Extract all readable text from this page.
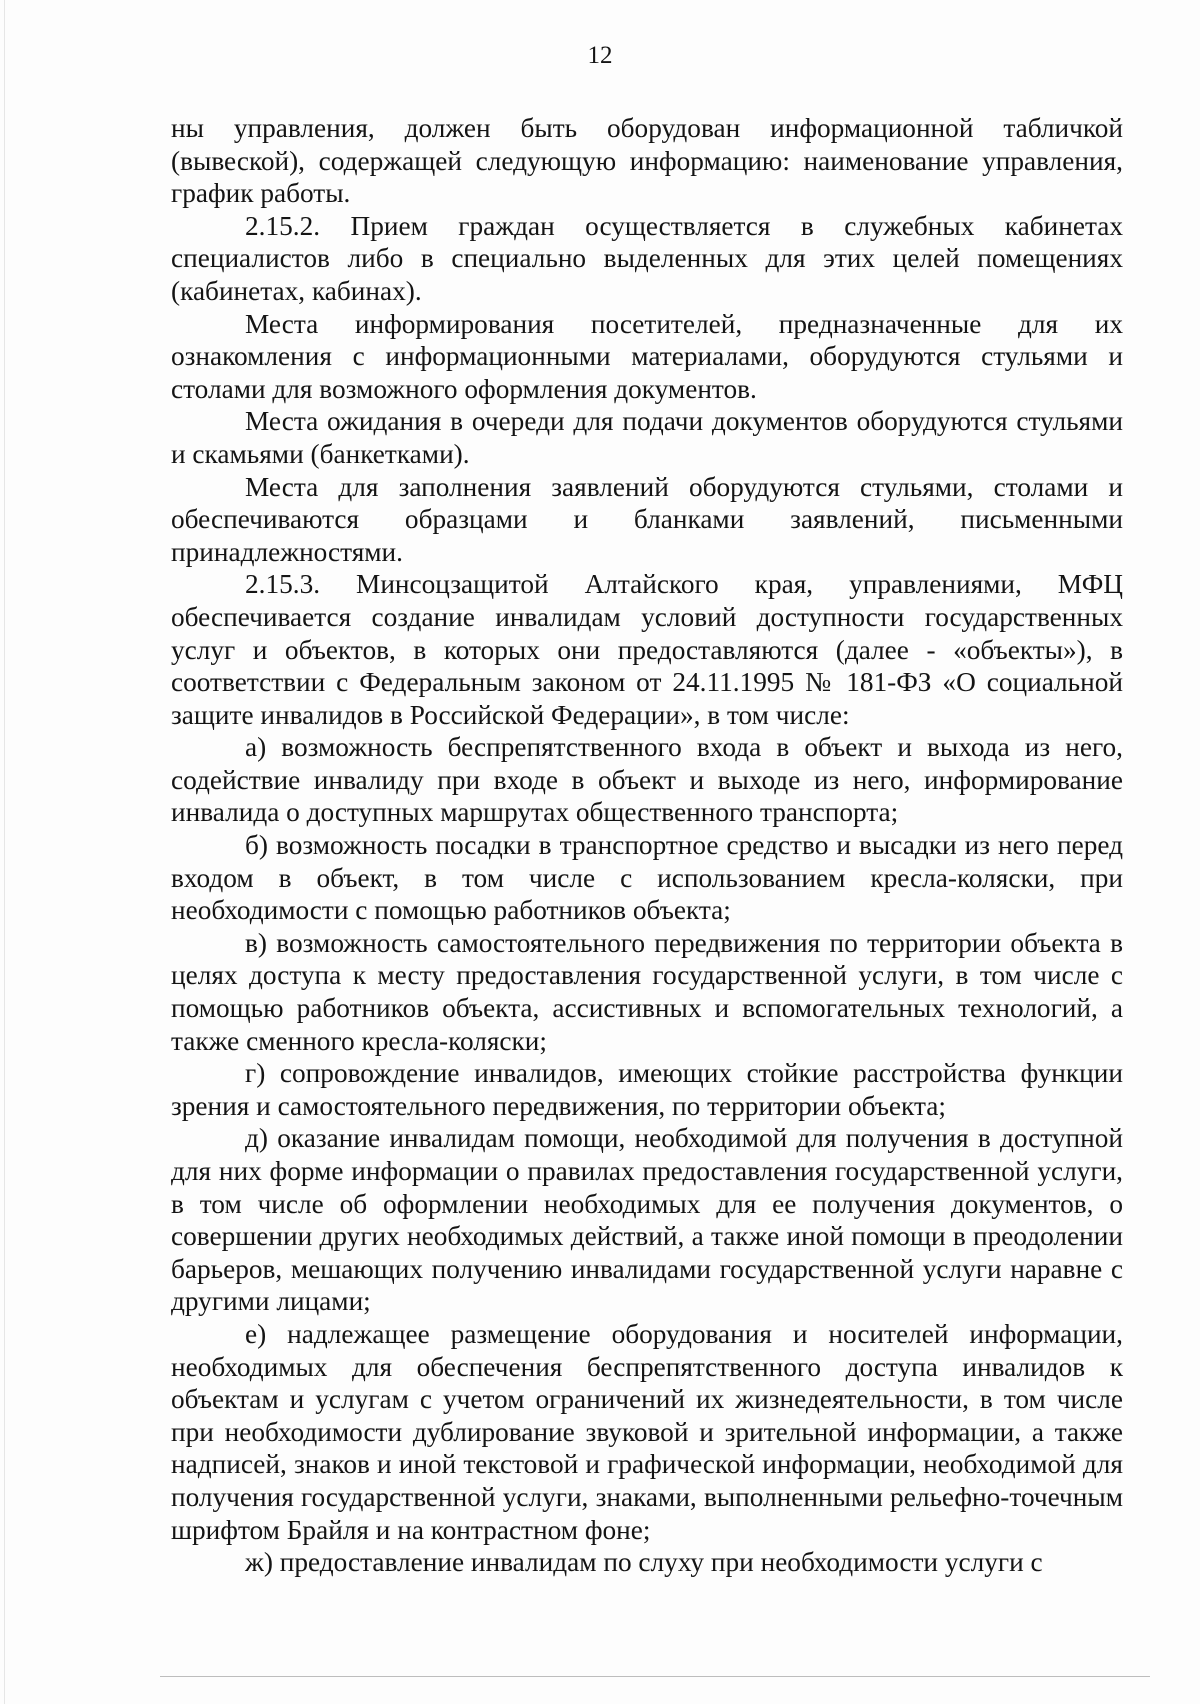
12

ны управления, должен быть оборудован информационной табличкой (вывеской), содержащей следующую информацию: наименование управления, график работы.

2.15.2. Прием граждан осуществляется в служебных кабинетах специалистов либо в специально выделенных для этих целей помещениях (кабинетах, кабинах).

Места информирования посетителей, предназначенные для их ознакомления с информационными материалами, оборудуются стульями и столами для возможного оформления документов.

Места ожидания в очереди для подачи документов оборудуются стульями и скамьями (банкетками).

Места для заполнения заявлений оборудуются стульями, столами и обеспечиваются образцами и бланками заявлений, письменными принадлежностями.

2.15.3. Минсоцзащитой Алтайского края, управлениями, МФЦ обеспечивается создание инвалидам условий доступности государственных услуг и объектов, в которых они предоставляются (далее - «объекты»), в соответствии с Федеральным законом от 24.11.1995 № 181-ФЗ «О социальной защите инвалидов в Российской Федерации», в том числе:

а) возможность беспрепятственного входа в объект и выхода из него, содействие инвалиду при входе в объект и выходе из него, информирование инвалида о доступных маршрутах общественного транспорта;

б) возможность посадки в транспортное средство и высадки из него перед входом в объект, в том числе с использованием кресла-коляски, при необходимости с помощью работников объекта;

в) возможность самостоятельного передвижения по территории объекта в целях доступа к месту предоставления государственной услуги, в том числе с помощью работников объекта, ассистивных и вспомогательных технологий, а также сменного кресла-коляски;

г) сопровождение инвалидов, имеющих стойкие расстройства функции зрения и самостоятельного передвижения, по территории объекта;

д) оказание инвалидам помощи, необходимой для получения в доступной для них форме информации о правилах предоставления государственной услуги, в том числе об оформлении необходимых для ее получения документов, о совершении других необходимых действий, а также иной помощи в преодолении барьеров, мешающих получению инвалидами государственной услуги наравне с другими лицами;

е) надлежащее размещение оборудования и носителей информации, необходимых для обеспечения беспрепятственного доступа инвалидов к объектам и услугам с учетом ограничений их жизнедеятельности, в том числе при необходимости дублирование звуковой и зрительной информации, а также надписей, знаков и иной текстовой и графической информации, необходимой для получения государственной услуги, знаками, выполненными рельефно-точечным шрифтом Брайля и на контрастном фоне;

ж) предоставление инвалидам по слуху при необходимости услуги с
